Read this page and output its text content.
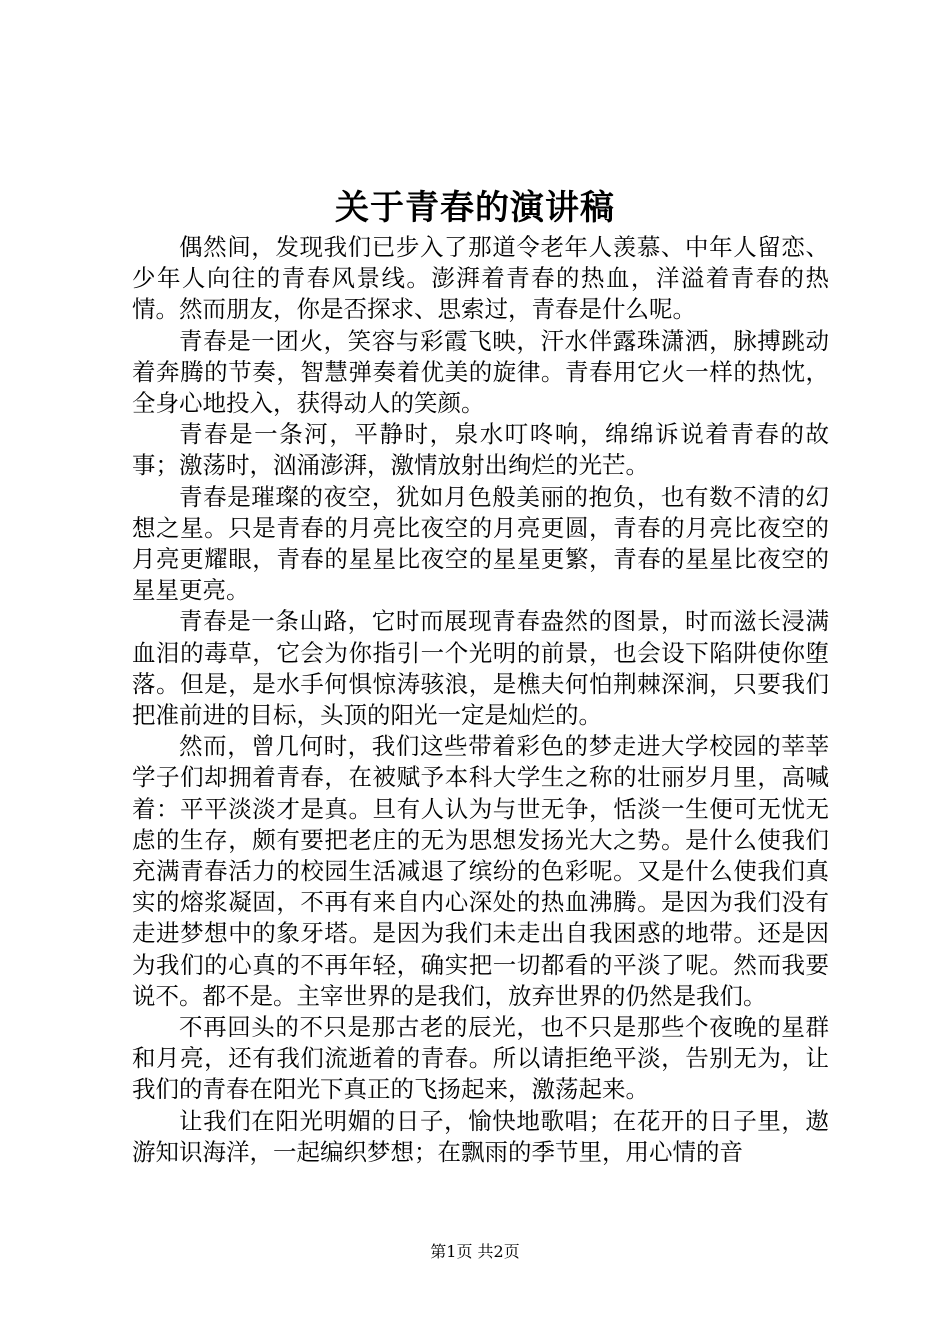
关于青春的演讲稿

偶然间，发现我们已步入了那道令老年人羡慕、中年人留恋、少年人向往的青春风景线。澎湃着青春的热血，洋溢着青春的热情。然而朋友，你是否探求、思索过，青春是什么呢。

青春是一团火，笑容与彩霞飞映，汗水伴露珠潇洒，脉搏跳动着奔腾的节奏，智慧弹奏着优美的旋律。青春用它火一样的热忱，全身心地投入，获得动人的笑颜。

青春是一条河，平静时，泉水叮咚响，绵绵诉说着青春的故事；激荡时，汹涌澎湃，激情放射出绚烂的光芒。

青春是璀璨的夜空，犹如月色般美丽的抱负，也有数不清的幻想之星。只是青春的月亮比夜空的月亮更圆，青春的月亮比夜空的月亮更耀眼，青春的星星比夜空的星星更繁，青春的星星比夜空的星星更亮。

青春是一条山路，它时而展现青春盎然的图景，时而滋长浸满血泪的毒草，它会为你指引一个光明的前景，也会设下陷阱使你堕落。但是，是水手何惧惊涛骇浪，是樵夫何怕荆棘深涧，只要我们把准前进的目标，头顶的阳光一定是灿烂的。

然而，曾几何时，我们这些带着彩色的梦走进大学校园的莘莘学子们却拥着青春，在被赋予本科大学生之称的壮丽岁月里，高喊着：平平淡淡才是真。旦有人认为与世无争，恬淡一生便可无忧无虑的生存，颇有要把老庄的无为思想发扬光大之势。是什么使我们充满青春活力的校园生活减退了缤纷的色彩呢。又是什么使我们真实的熔浆凝固，不再有来自内心深处的热血沸腾。是因为我们没有走进梦想中的象牙塔。是因为我们未走出自我困惑的地带。还是因为我们的心真的不再年轻，确实把一切都看的平淡了呢。然而我要说不。都不是。主宰世界的是我们，放弃世界的仍然是我们。

不再回头的不只是那古老的辰光，也不只是那些个夜晚的星群和月亮，还有我们流逝着的青春。所以请拒绝平淡，告别无为，让我们的青春在阳光下真正的飞扬起来，激荡起来。

让我们在阳光明媚的日子，愉快地歌唱；在花开的日子里，遨游知识海洋，一起编织梦想；在飘雨的季节里，用心情的音

第1页 共2页
